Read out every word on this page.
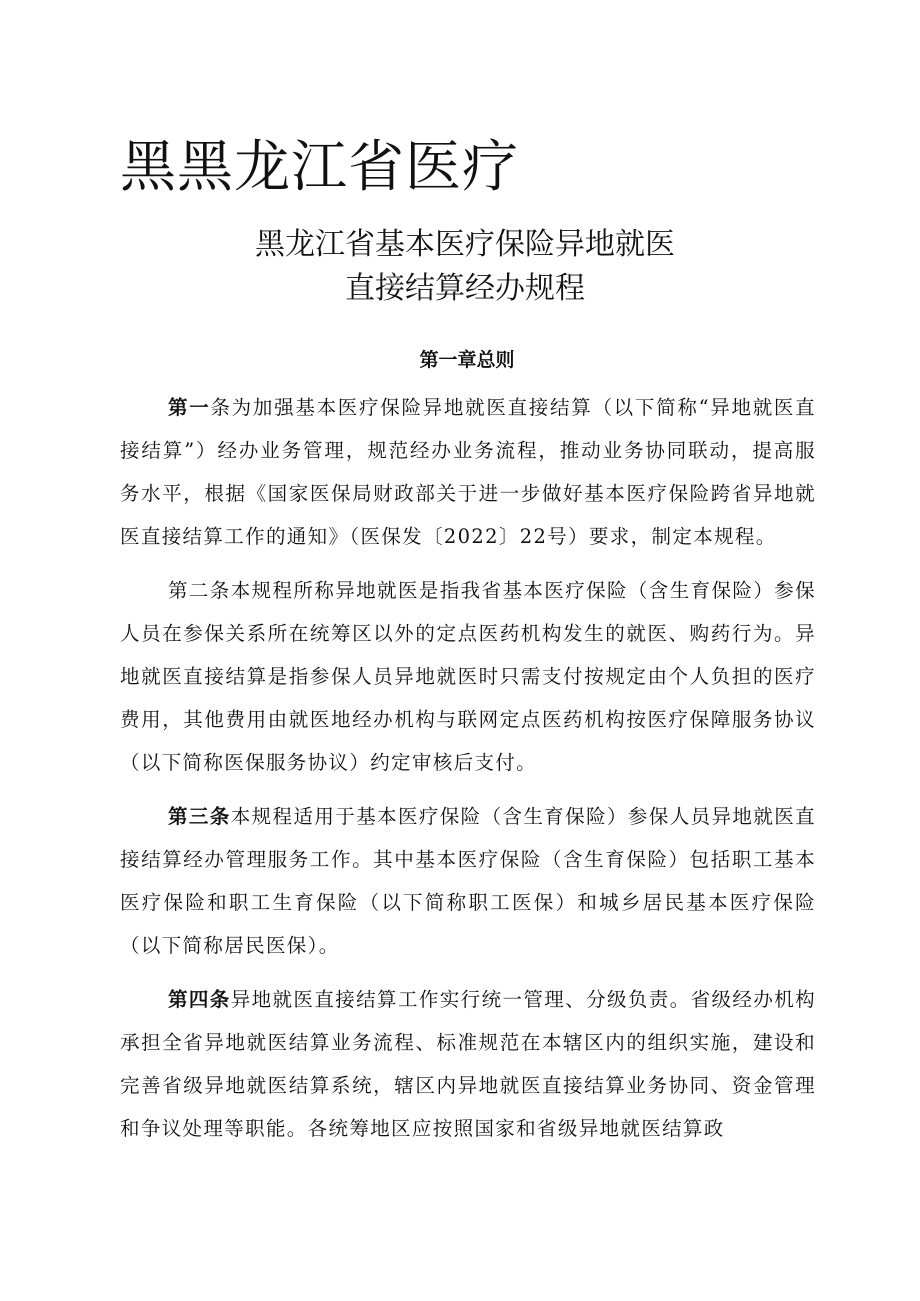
黑黑龙江省医疗
黑龙江省基本医疗保险异地就医
直接结算经办规程
第一章总则

第一条为加强基本医疗保险异地就医直接结算（以下简称“异地就医直接结算”）经办业务管理，规范经办业务流程，推动业务协同联动，提高服务水平，根据《国家医保局财政部关于进一步做好基本医疗保险跨省异地就医直接结算工作的通知》（医保发〔2022〕22号）要求，制定本规程。

第二条本规程所称异地就医是指我省基本医疗保险（含生育保险）参保人员在参保关系所在统筹区以外的定点医药机构发生的就医、购药行为。异地就医直接结算是指参保人员异地就医时只需支付按规定由个人负担的医疗费用，其他费用由就医地经办机构与联网定点医药机构按医疗保障服务协议（以下简称医保服务协议）约定审核后支付。

第三条本规程适用于基本医疗保险（含生育保险）参保人员异地就医直接结算经办管理服务工作。其中基本医疗保险（含生育保险）包括职工基本医疗保险和职工生育保险（以下简称职工医保）和城乡居民基本医疗保险（以下简称居民医保）。

第四条异地就医直接结算工作实行统一管理、分级负责。省级经办机构承担全省异地就医结算业务流程、标准规范在本辖区内的组织实施，建设和完善省级异地就医结算系统，辖区内异地就医直接结算业务协同、资金管理和争议处理等职能。各统筹地区应按照国家和省级异地就医结算政
